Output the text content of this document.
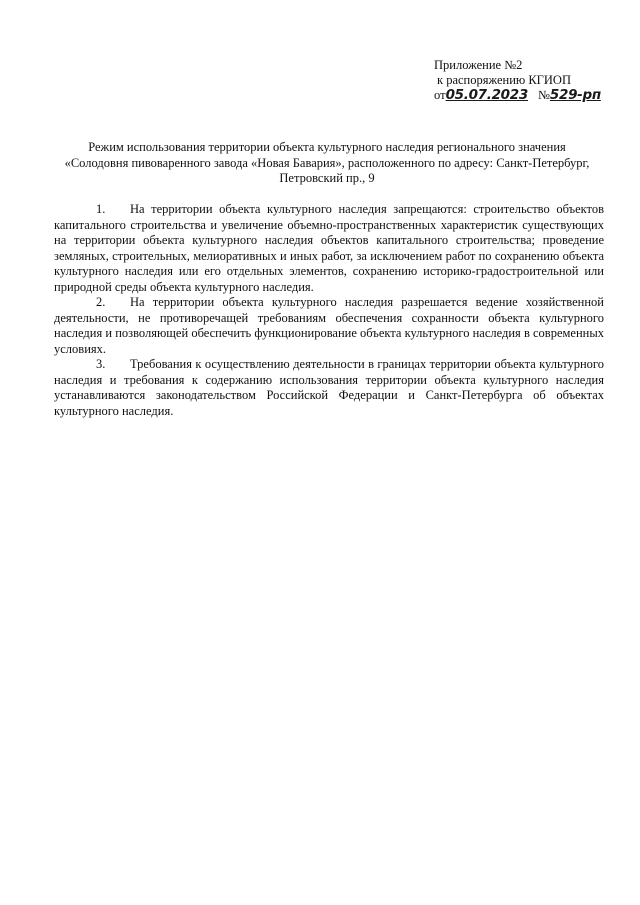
Приложение №2
к распоряжению КГИОП
от05.07.2023 №529-рп
Режим использования территории объекта культурного наследия регионального значения
«Солодовня пивоваренного завода «Новая Бавария», расположенного по адресу: Санкт-Петербург,
Петровский пр., 9

1. На территории объекта культурного наследия запрещаются: строительство объектов капитального строительства и увеличение объемно-пространственных характеристик существующих на территории объекта культурного наследия объектов капитального строительства; проведение земляных, строительных, мелиоративных и иных работ, за исключением работ по сохранению объекта культурного наследия или его отдельных элементов, сохранению историко-градостроительной или природной среды объекта культурного наследия.

2. На территории объекта культурного наследия разрешается ведение хозяйственной деятельности, не противоречащей требованиям обеспечения сохранности объекта культурного наследия и позволяющей обеспечить функционирование объекта культурного наследия в современных условиях.

3. Требования к осуществлению деятельности в границах территории объекта культурного наследия и требования к содержанию использования территории объекта культурного наследия устанавливаются законодательством Российской Федерации и Санкт-Петербурга об объектах культурного наследия.
